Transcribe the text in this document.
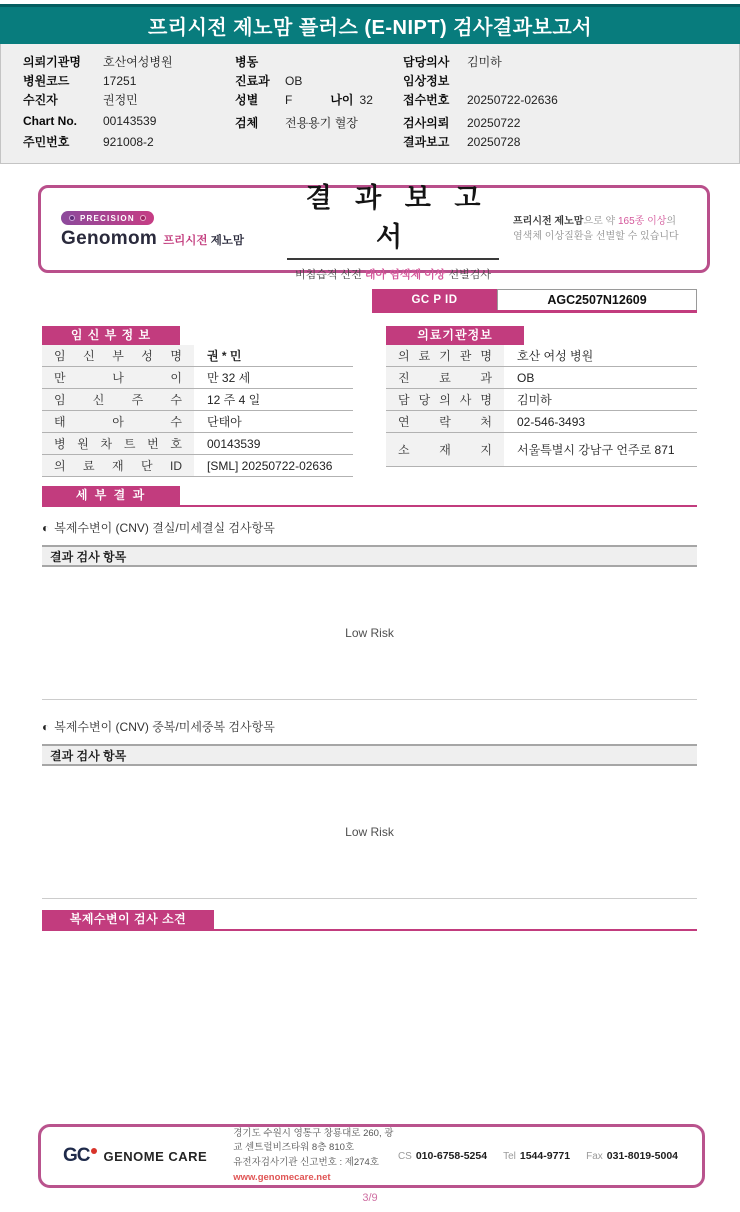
프리시전 제노맘 플러스 (E-NIPT) 검사결과보고서
의뢰기관명	호산여성병원
병원코드	17251
수진자	권정민
Chart No.	00143539
주민번호	921008-2
병동
진료과	OB
성별	F	나이 32
검체	전용용기 혈장
담당의사	김미하
임상정보
접수번호	20250722-02636
검사의뢰	20250722
결과보고	20250728
PRECISION
Genomom 프리시전 제노맘
결 과 보 고 서
비침습적 산전 태아 염색체 이상 선별검사
프리시전 제노맘으로 약 165종 이상의
염색체 이상질환을 선별할 수 있습니다
GC P ID	AGC2507N12609
임 신 부 정 보
임 신 부 성 명	권 * 민
만 나 이	만 32 세
임 신 주 수	12 주 4 일
태 아 수	단태아
병 원 차 트 번 호	00143539
의 료 재 단 ID	[SML] 20250722-02636
의료기관정보
의 료 기 관 명	호산 여성 병원
진 료 과	OB
담 당 의 사 명	김미하
연 락 처	02-546-3493
소 재 지	서울특별시 강남구 언주로 871
세 부 결 과
◐ 복제수변이 (CNV) 결실/미세결실 검사항목
결과 검사 항목
Low Risk
◐ 복제수변이 (CNV) 중복/미세중복 검사항목
결과 검사 항목
Low Risk
복제수변이 검사 소견
GC	GENOME CARE
경기도 수원시 영통구 창룡대로 260, 광교 센트럴비즈타워 8층 810호
유전자검사기관 신고번호 : 제274호
www.genomecare.net
CS 010-6758-5254 Tel 1544-9771 Fax 031-8019-5004
3/9
